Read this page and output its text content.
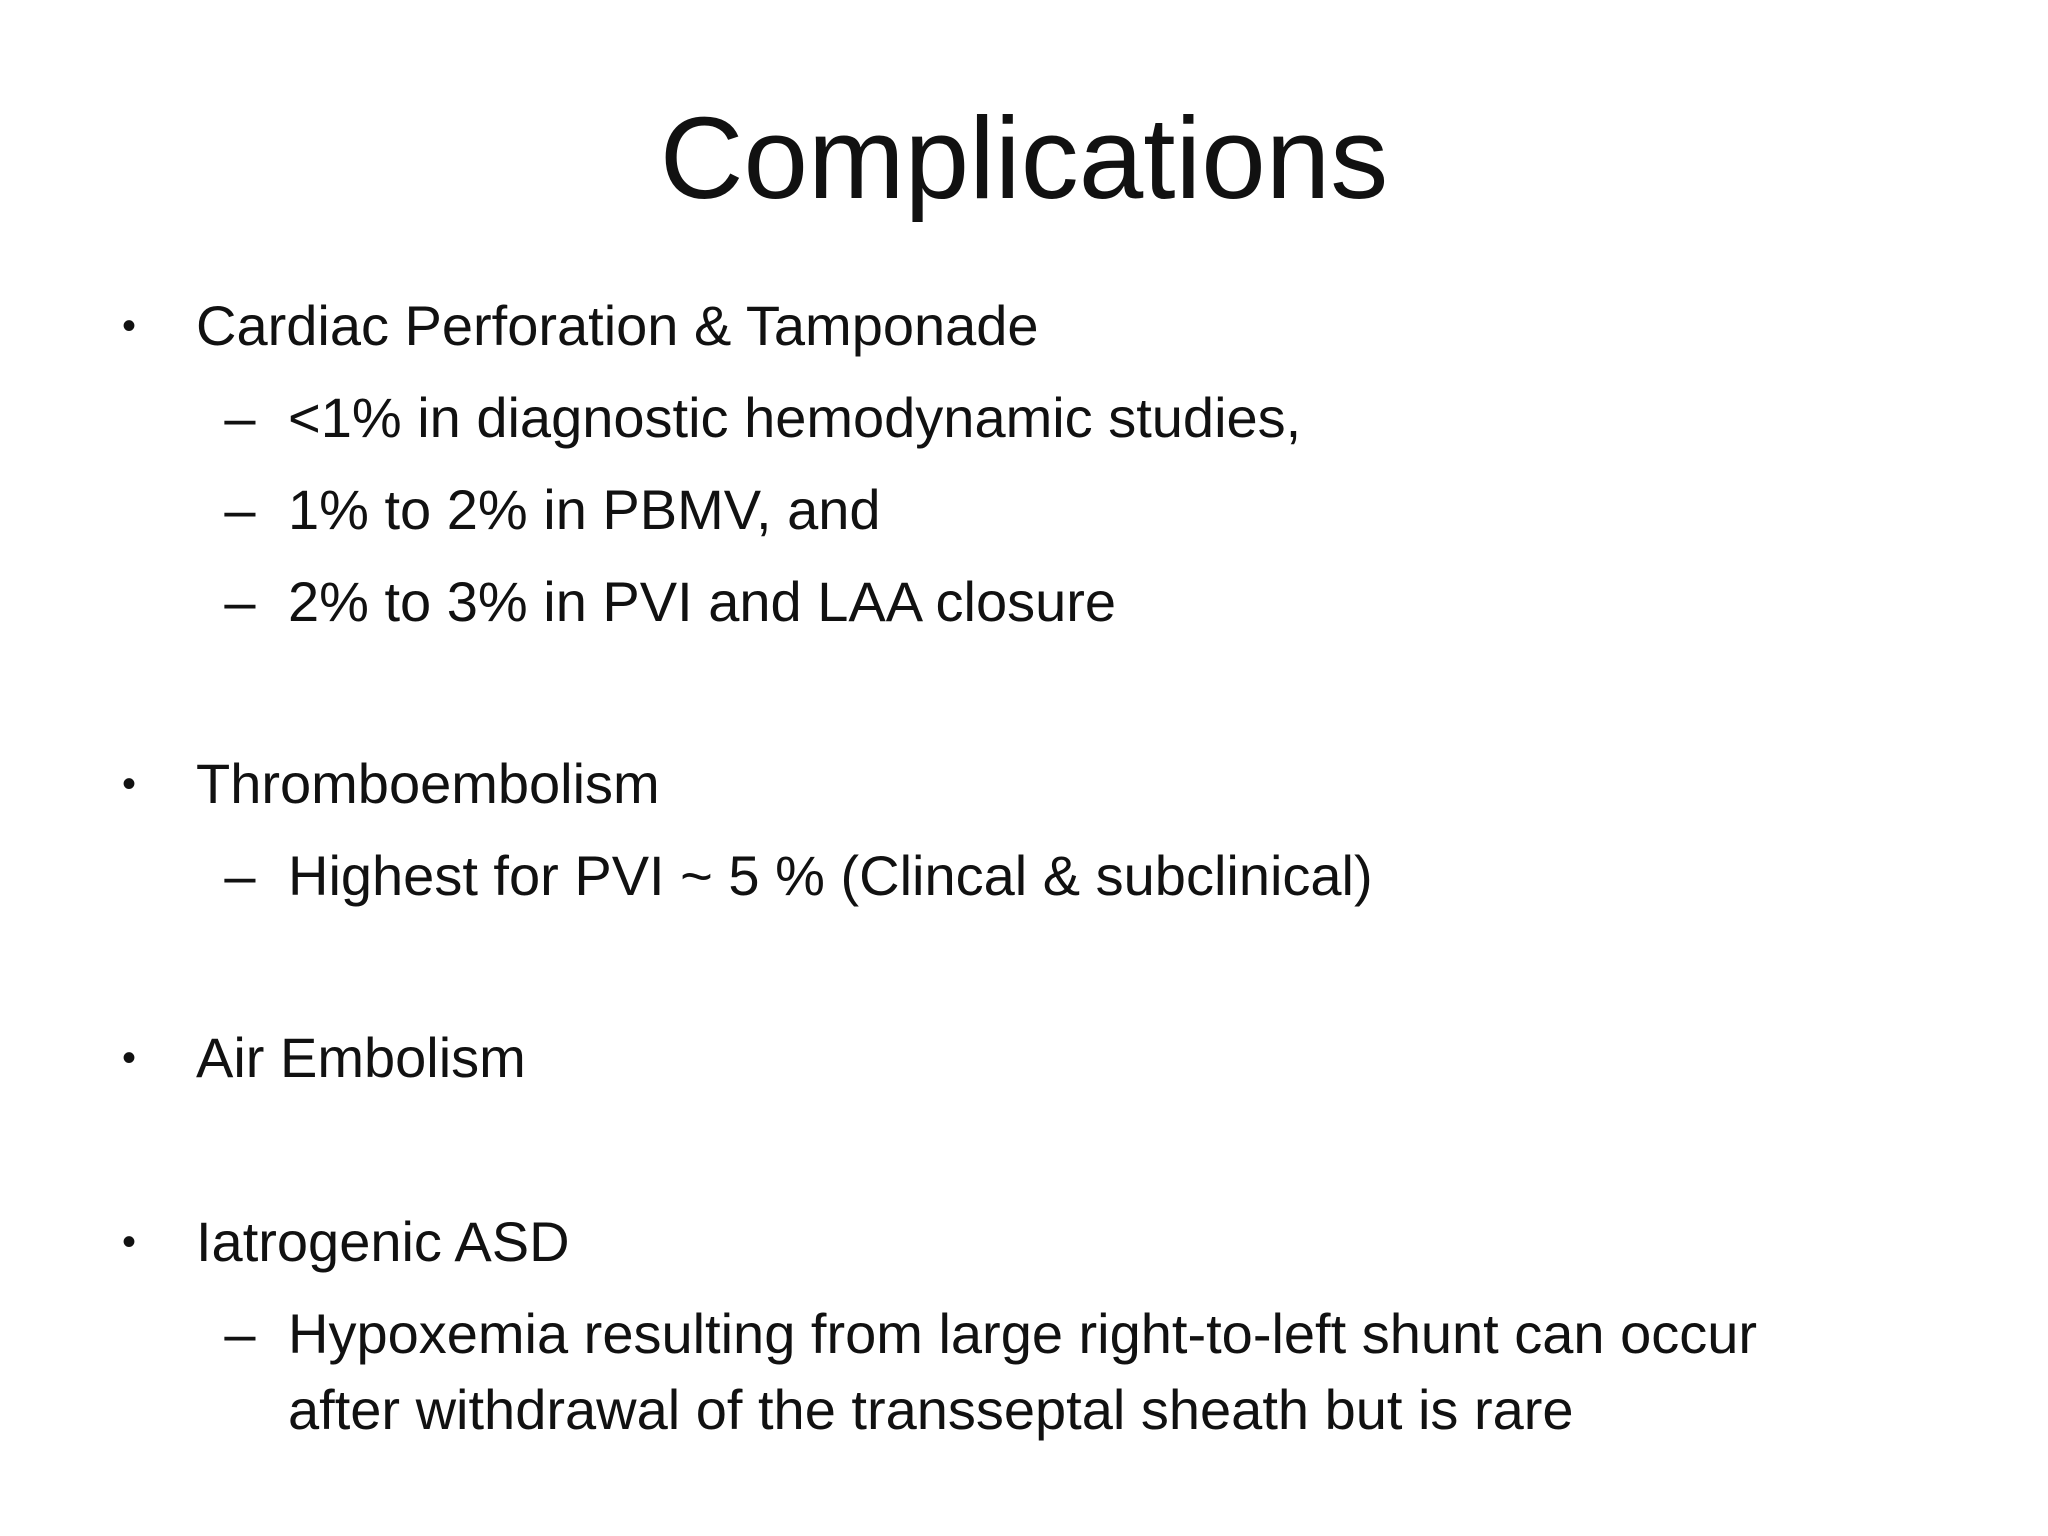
Complications
• Cardiac Perforation & Tamponade
– <1% in diagnostic hemodynamic studies,
– 1% to 2% in PBMV, and
– 2% to 3% in PVI and LAA closure
• Thromboembolism
– Highest for PVI ~ 5 % (Clincal & subclinical)
• Air Embolism
• Iatrogenic ASD
– Hypoxemia resulting from large right-to-left shunt can occur after withdrawal of the transseptal sheath but is rare
